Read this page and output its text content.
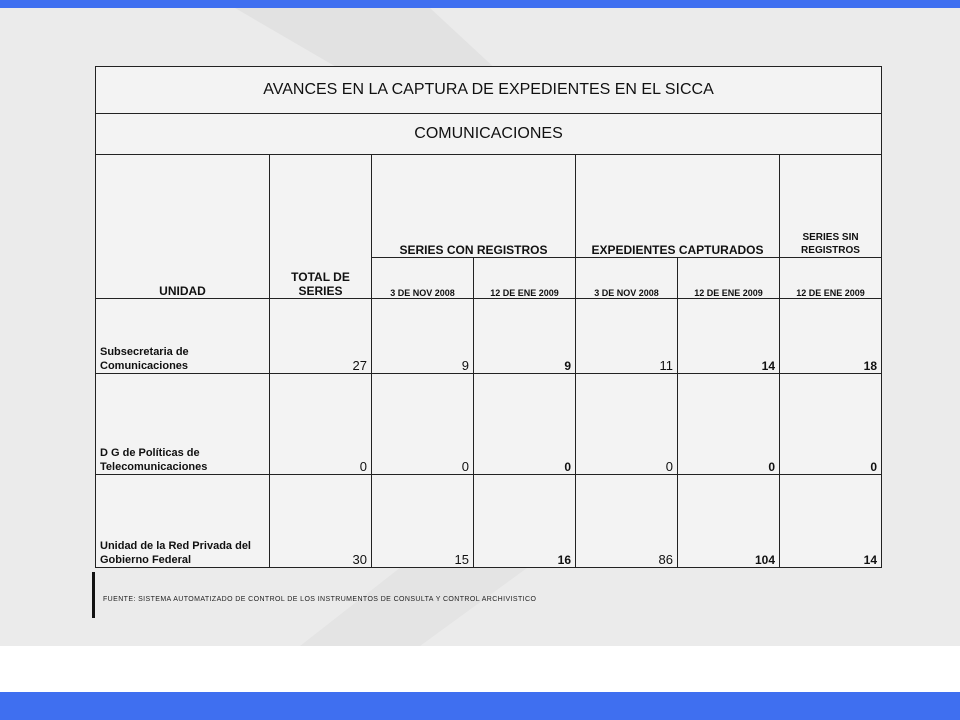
AVANCES EN LA CAPTURA DE EXPEDIENTES EN EL SICCA						
COMUNICACIONES						
UNIDAD	TOTAL DE SERIES	SERIES CON REGISTROS		EXPEDIENTES CAPTURADOS		SERIES SIN REGISTROS
		3 DE NOV 2008	12 DE ENE 2009	3 DE NOV 2008	12 DE ENE 2009	12 DE ENE 2009
Subsecretaria de Comunicaciones	27	9	9	11	14	18
D G de Políticas de Telecomunicaciones	0	0	0	0	0	0
Unidad de la Red Privada del Gobierno Federal	30	15	16	86	104	14
FUENTE: SISTEMA AUTOMATIZADO DE CONTROL DE LOS INSTRUMENTOS DE CONSULTA Y CONTROL ARCHIVISTICO
